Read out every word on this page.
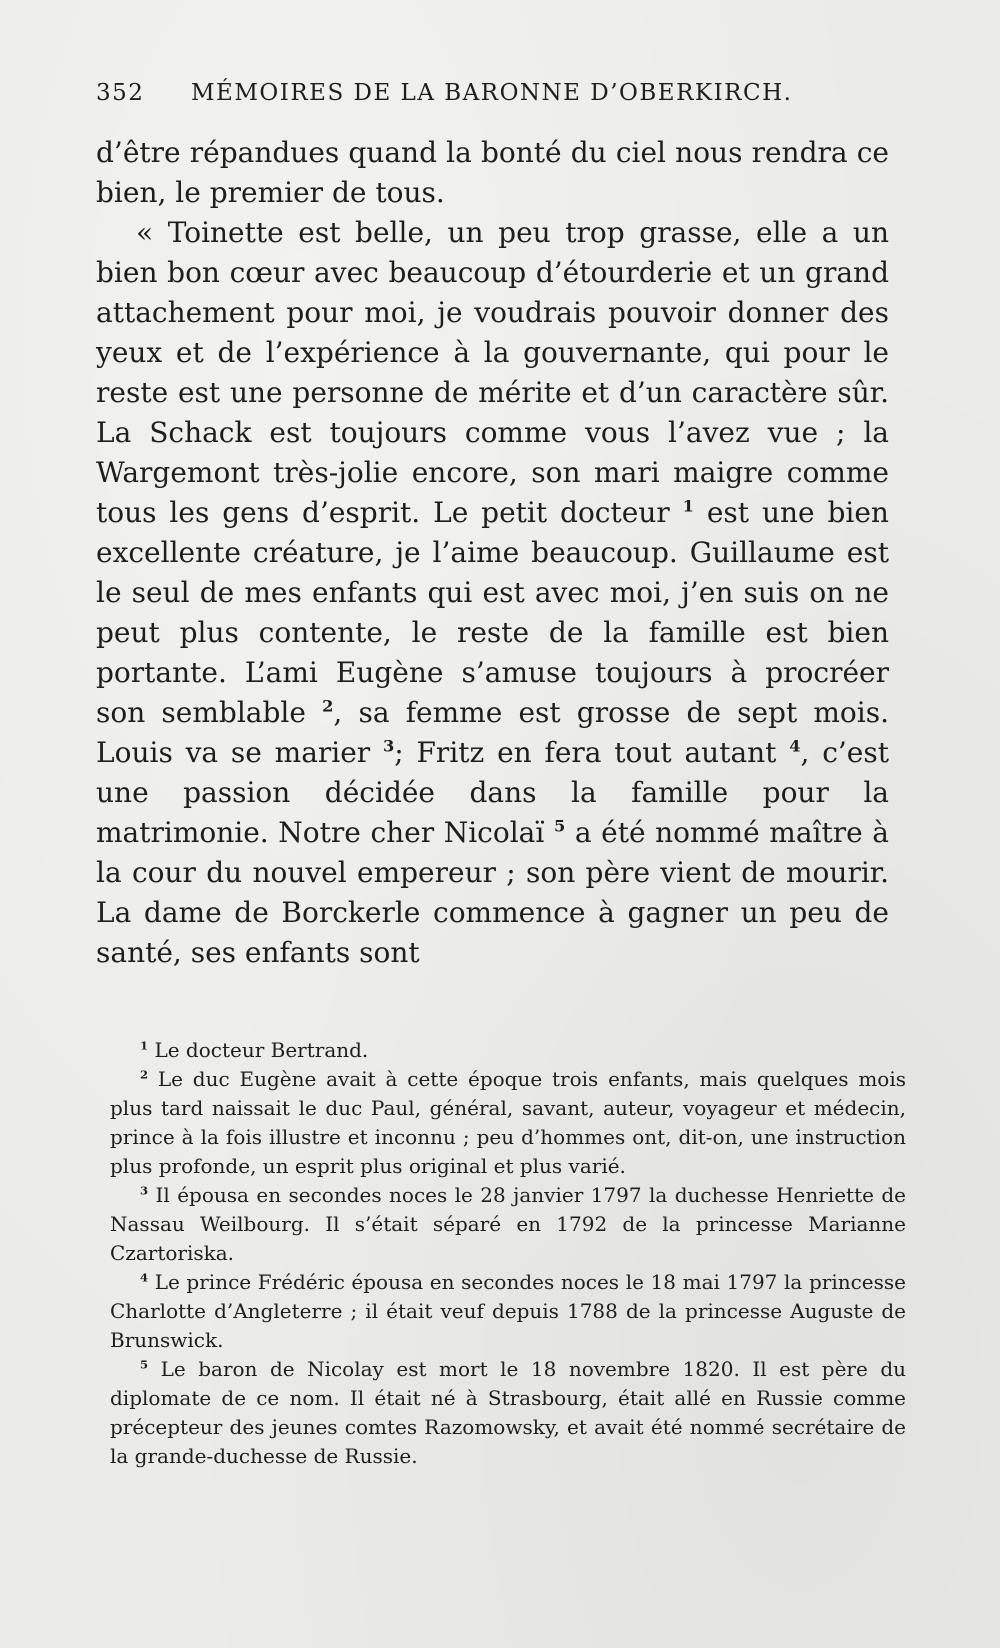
352	MÉMOIRES DE LA BARONNE D’OBERKIRCH.

d’être répandues quand la bonté du ciel nous rendra ce bien, le premier de tous.

« Toinette est belle, un peu trop grasse, elle a un bien bon cœur avec beaucoup d’étourderie et un grand attachement pour moi, je voudrais pouvoir donner des yeux et de l’expérience à la gouvernante, qui pour le reste est une personne de mérite et d’un caractère sûr. La Schack est toujours comme vous l’avez vue ; la Wargemont très-jolie encore, son mari maigre comme tous les gens d’esprit. Le petit docteur $^1$ est une bien excellente créature, je l’aime beaucoup. Guillaume est le seul de mes enfants qui est avec moi, j’en suis on ne peut plus contente, le reste de la famille est bien portante. L’ami Eugène s’amuse toujours à procréer son semblable $^2$, sa femme est grosse de sept mois. Louis va se marier $^3$; Fritz en fera tout autant $^4$, c’est une passion décidée dans la famille pour la matrimonie. Notre cher Nicolaï $^5$ a été nommé maître à la cour du nouvel empereur ; son père vient de mourir. La dame de Borckerle commence à gagner un peu de santé, ses enfants sont

$^1$ Le docteur Bertrand.

$^2$ Le duc Eugène avait à cette époque trois enfants, mais quelques mois plus tard naissait le duc Paul, général, savant, auteur, voyageur et médecin, prince à la fois illustre et inconnu ; peu d’hommes ont, dit-on, une instruction plus profonde, un esprit plus original et plus varié.

$^3$ Il épousa en secondes noces le 28 janvier 1797 la duchesse Henriette de Nassau Weilbourg. Il s’était séparé en 1792 de la princesse Marianne Czartoriska.

$^4$ Le prince Frédéric épousa en secondes noces le 18 mai 1797 la princesse Charlotte d’Angleterre ; il était veuf depuis 1788 de la princesse Auguste de Brunswick.

$^5$ Le baron de Nicolay est mort le 18 novembre 1820. Il est père du diplomate de ce nom. Il était né à Strasbourg, était allé en Russie comme précepteur des jeunes comtes Razomowsky, et avait été nommé secrétaire de la grande-duchesse de Russie.
